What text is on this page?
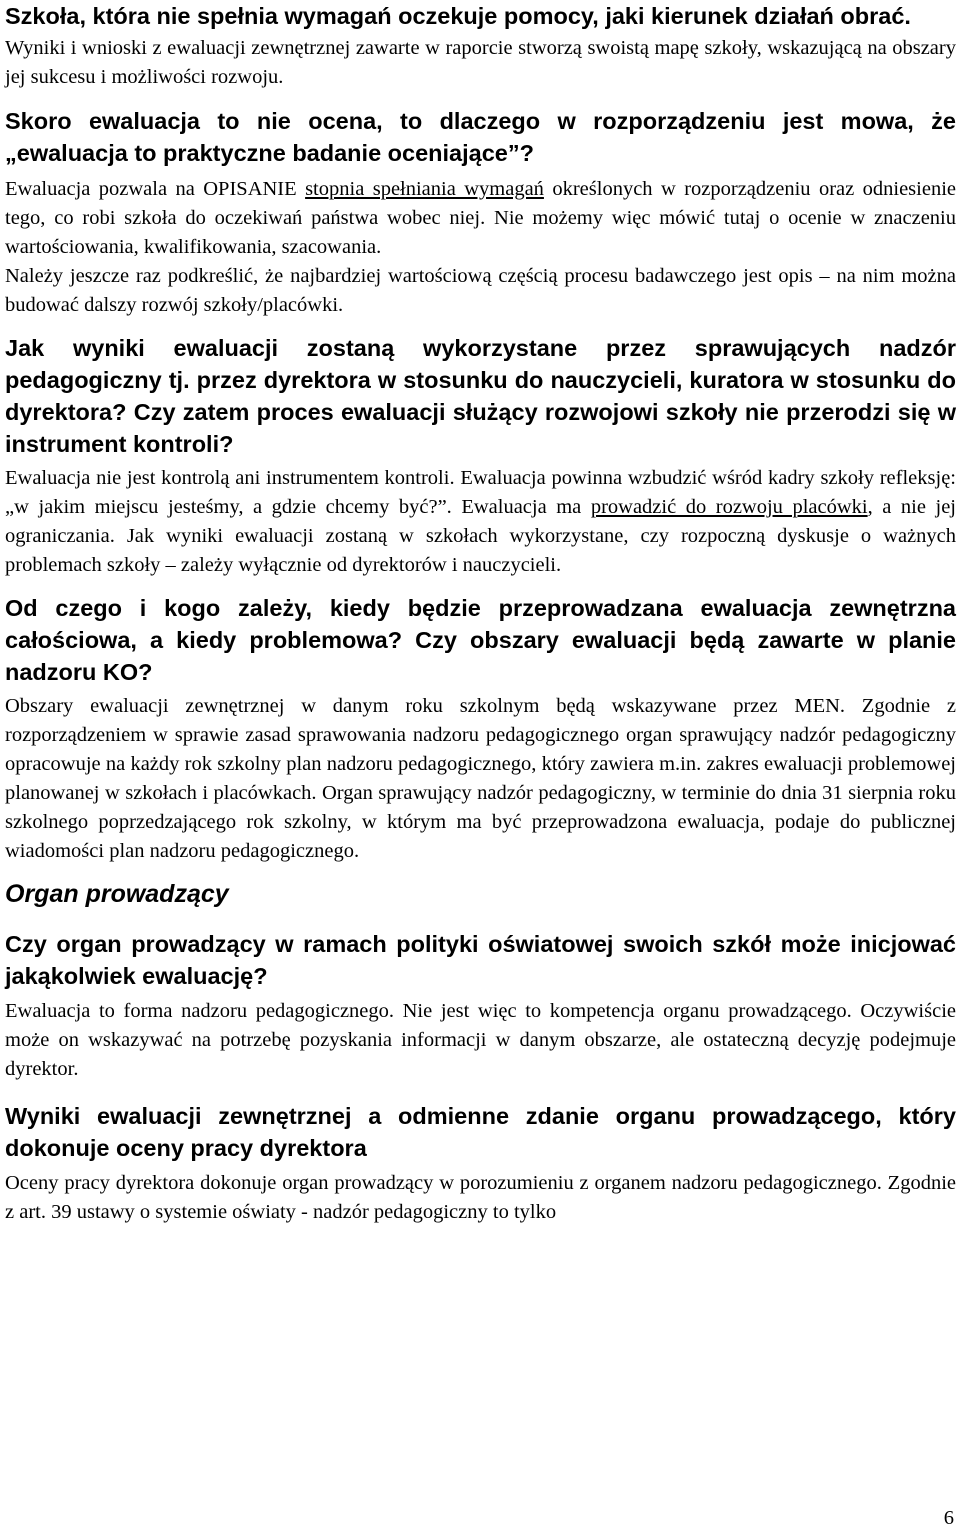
Szkoła, która nie spełnia wymagań oczekuje pomocy, jaki kierunek działań obrać.

Wyniki i wnioski z ewaluacji zewnętrznej zawarte w raporcie stworzą swoistą mapę szkoły, wskazującą na obszary jej sukcesu i możliwości rozwoju.

Skoro ewaluacja to nie ocena, to dlaczego w rozporządzeniu jest mowa, że „ewaluacja to praktyczne badanie oceniające”?

Ewaluacja pozwala na OPISANIE stopnia spełniania wymagań określonych w rozporządzeniu oraz odniesienie tego, co robi szkoła do oczekiwań państwa wobec niej. Nie możemy więc mówić tutaj o ocenie w znaczeniu wartościowania, kwalifikowania, szacowania.

Należy jeszcze raz podkreślić, że najbardziej wartościową częścią procesu badawczego jest opis – na nim można budować dalszy rozwój szkoły/placówki.

Jak wyniki ewaluacji zostaną wykorzystane przez sprawujących nadzór pedagogiczny tj. przez dyrektora w stosunku do nauczycieli, kuratora w stosunku do dyrektora? Czy zatem proces ewaluacji służący rozwojowi szkoły nie przerodzi się w instrument kontroli?

Ewaluacja nie jest kontrolą ani instrumentem kontroli. Ewaluacja powinna wzbudzić wśród kadry szkoły refleksję: „w jakim miejscu jesteśmy, a gdzie chcemy być?”. Ewaluacja ma prowadzić do rozwoju placówki, a nie jej ograniczania. Jak wyniki ewaluacji zostaną w szkołach wykorzystane, czy rozpoczną dyskusje o ważnych problemach szkoły – zależy wyłącznie od dyrektorów i nauczycieli.

Od czego i kogo zależy, kiedy będzie przeprowadzana ewaluacja zewnętrzna całościowa, a kiedy problemowa? Czy obszary ewaluacji będą zawarte w planie nadzoru KO?

Obszary ewaluacji zewnętrznej w danym roku szkolnym będą wskazywane przez MEN. Zgodnie z rozporządzeniem w sprawie zasad sprawowania nadzoru pedagogicznego organ sprawujący nadzór pedagogiczny opracowuje na każdy rok szkolny plan nadzoru pedagogicznego, który zawiera m.in. zakres ewaluacji problemowej planowanej w szkołach i placówkach. Organ sprawujący nadzór pedagogiczny, w terminie do dnia 31 sierpnia roku szkolnego poprzedzającego rok szkolny, w którym ma być przeprowadzona ewaluacja, podaje do publicznej wiadomości plan nadzoru pedagogicznego.

Organ prowadzący
Czy organ prowadzący w ramach polityki oświatowej swoich szkół może inicjować jakąkolwiek ewaluację?

Ewaluacja to forma nadzoru pedagogicznego. Nie jest więc to kompetencja organu prowadzącego. Oczywiście może on wskazywać na potrzebę pozyskania informacji w danym obszarze, ale ostateczną decyzję podejmuje dyrektor.

Wyniki ewaluacji zewnętrznej a odmienne zdanie organu prowadzącego, który dokonuje oceny pracy dyrektora

Oceny pracy dyrektora dokonuje organ prowadzący w porozumieniu z organem nadzoru pedagogicznego. Zgodnie z art. 39 ustawy o systemie oświaty - nadzór pedagogiczny to tylko

6
